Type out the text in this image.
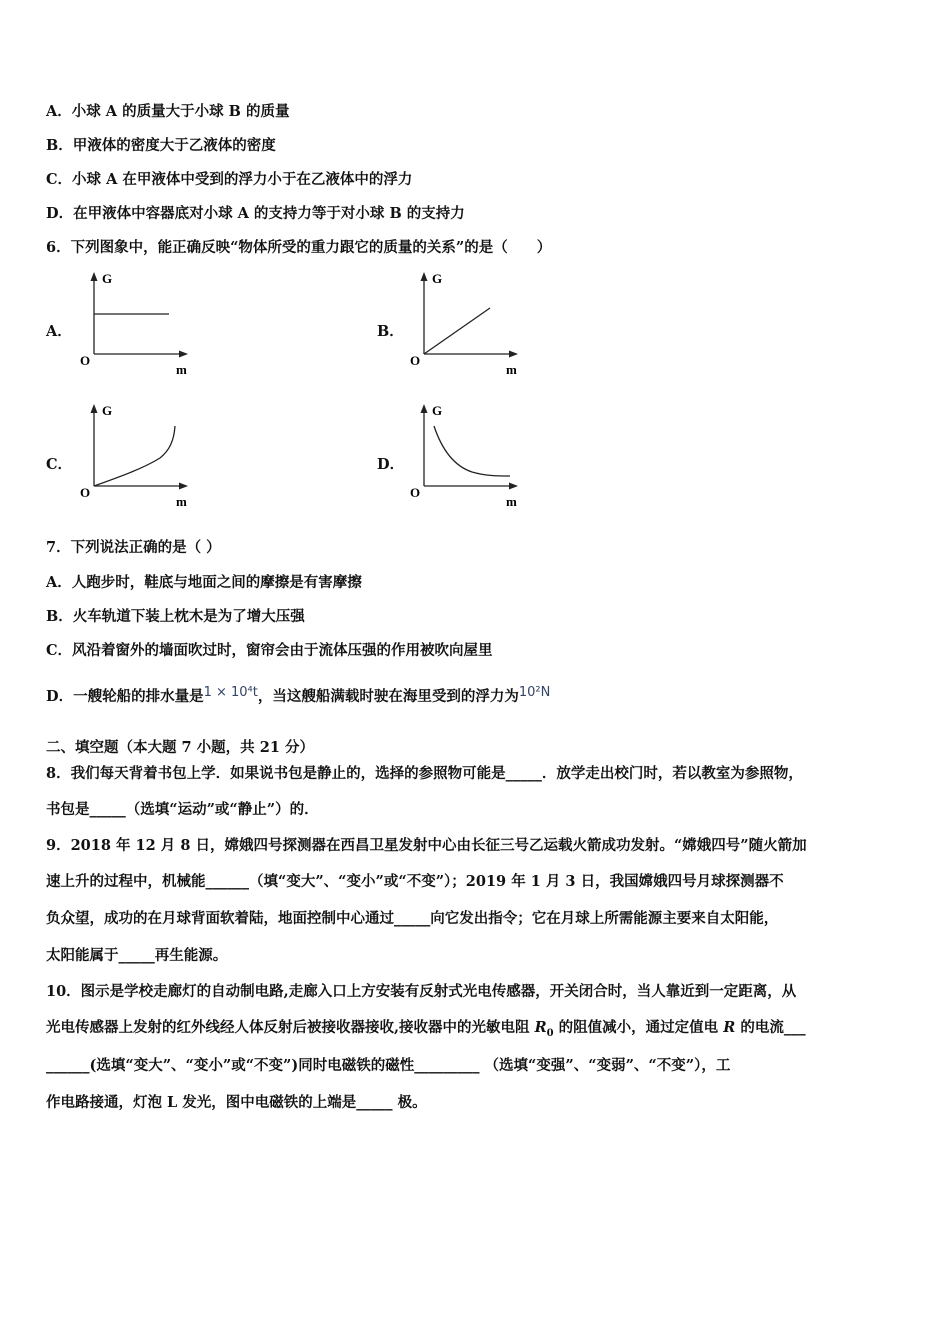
A．小球 A 的质量大于小球 B 的质量
B．甲液体的密度大于乙液体的密度
C．小球 A 在甲液体中受到的浮力小于在乙液体中的浮力
D．在甲液体中容器底对小球 A 的支持力等于对小球 B 的支持力
6．下列图象中，能正确反映“物体所受的重力跟它的质量的关系”的是（　　）
A．	B．
C．	D．
G
O
m
G
O
m
G
O
m
G
O
m
7．下列说法正确的是（ ）
A．人跑步时，鞋底与地面之间的摩擦是有害摩擦
B．火车轨道下装上枕木是为了增大压强
C．风沿着窗外的墙面吹过时，窗帘会由于流体压强的作用被吹向屋里
D．一艘轮船的排水量是1 × 10⁴t，当这艘船满载时驶在海里受到的浮力为10²N
二、填空题（本大题 7 小题，共 21 分）
8．我们每天背着书包上学．如果说书包是静止的，选择的参照物可能是_____．放学走出校门时，若以教室为参照物，
书包是_____（选填“运动”或“静止”）的．
9．2018 年 12 月 8 日，嫦娥四号探测器在西昌卫星发射中心由长征三号乙运载火箭成功发射。“嫦娥四号”随火箭加
速上升的过程中，机械能______（填“变大”、“变小”或“不变”）；2019 年 1 月 3 日，我国嫦娥四号月球探测器不
负众望，成功的在月球背面软着陆，地面控制中心通过_____向它发出指令；它在月球上所需能源主要来自太阳能，
太阳能属于_____再生能源。
10．图示是学校走廊灯的自动制电路,走廊入口上方安装有反射式光电传感器，开关闭合时，当人靠近到一定距离，从
光电传感器上发射的红外线经人体反射后被接收器接收,接收器中的光敏电阻 $R_0$ 的阻值减小，通过定值电 R 的电流___
______(选填“变大”、“变小”或“不变”)同时电磁铁的磁性_________ （选填“变强”、“变弱”、“不变”），工
作电路接通，灯泡 L 发光，图中电磁铁的上端是_____ 极。
